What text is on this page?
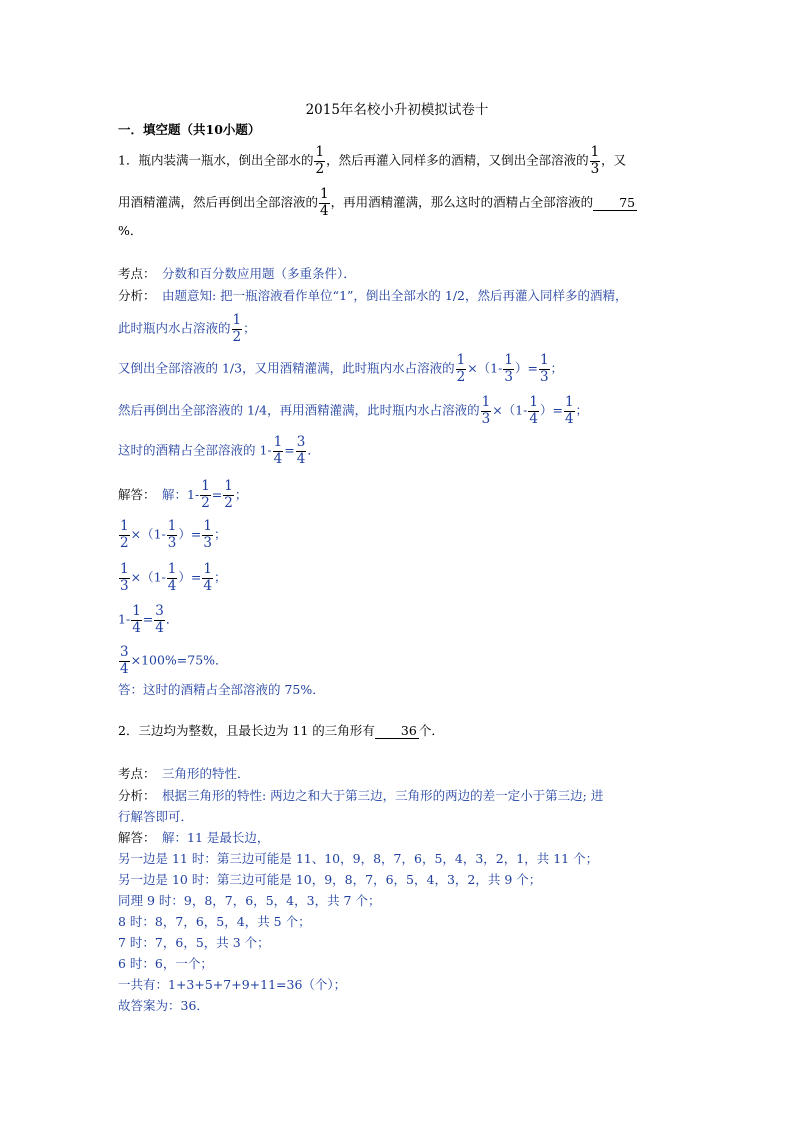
2015年名校小升初模拟试卷十
一．填空题（共10小题）
1．瓶内装满一瓶水，倒出全部水的 $\frac{1}{2}$ ，然后再灌入同样多的酒精，又倒出全部溶液的 $\frac{1}{3}$ ，又
用酒精灌满，然后再倒出全部溶液的 $\frac{1}{4}$ ，再用酒精灌满，那么这时的酒精占全部溶液的 75
%．
考点： 分数和百分数应用题（多重条件）．
分析： 由题意知: 把一瓶溶液看作单位“1”，倒出全部水的 1/2，然后再灌入同样多的酒精，
此时瓶内水占溶液的 $\frac{1}{2}$ ；
又倒出全部溶液的 1/3，又用酒精灌满，此时瓶内水占溶液的 $\frac{1}{2} \times(1- \frac{1}{3}$ ）= $\frac{1}{3}$ ；
然后再倒出全部溶液的 1/4，再用酒精灌满，此时瓶内水占溶液的 $\frac{1}{3} \times(1- \frac{1}{4}$ ）= $\frac{1}{4}$ ；
这时的酒精占全部溶液的 $1- \frac{1}{4} = \frac{3}{4}$ ．
解答： 解：$1- \frac{1}{2} = \frac{1}{2}$ ；
$\frac{1}{2} \times(1- \frac{1}{3}$ ）= $\frac{1}{3}$ ；
$\frac{1}{3} \times(1- \frac{1}{4}$ ）= $\frac{1}{4}$ ；
$1- \frac{1}{4} = \frac{3}{4}$ ．
$\frac{3}{4} \times 100\%=75\%$．
答：这时的酒精占全部溶液的 75%．
2．三边均为整数，且最长边为 11 的三角形有 36 个．
考点： 三角形的特性．
分析： 根据三角形的特性: 两边之和大于第三边，三角形的两边的差一定小于第三边; 进
行解答即可．
解答： 解：11 是最长边，
另一边是 11 时：第三边可能是 11、10，9，8，7，6，5，4，3，2，1，共 11 个；
另一边是 10 时：第三边可能是 10，9，8，7，6，5，4，3，2，共 9 个；
同理 9 时：9，8，7，6，5，4，3，共 7 个；
8 时：8，7，6，5，4，共 5 个；
7 时：7，6，5，共 3 个；
6 时：6，一个；
一共有：1+3+5+7+9+11=36（个）；
故答案为：36．
